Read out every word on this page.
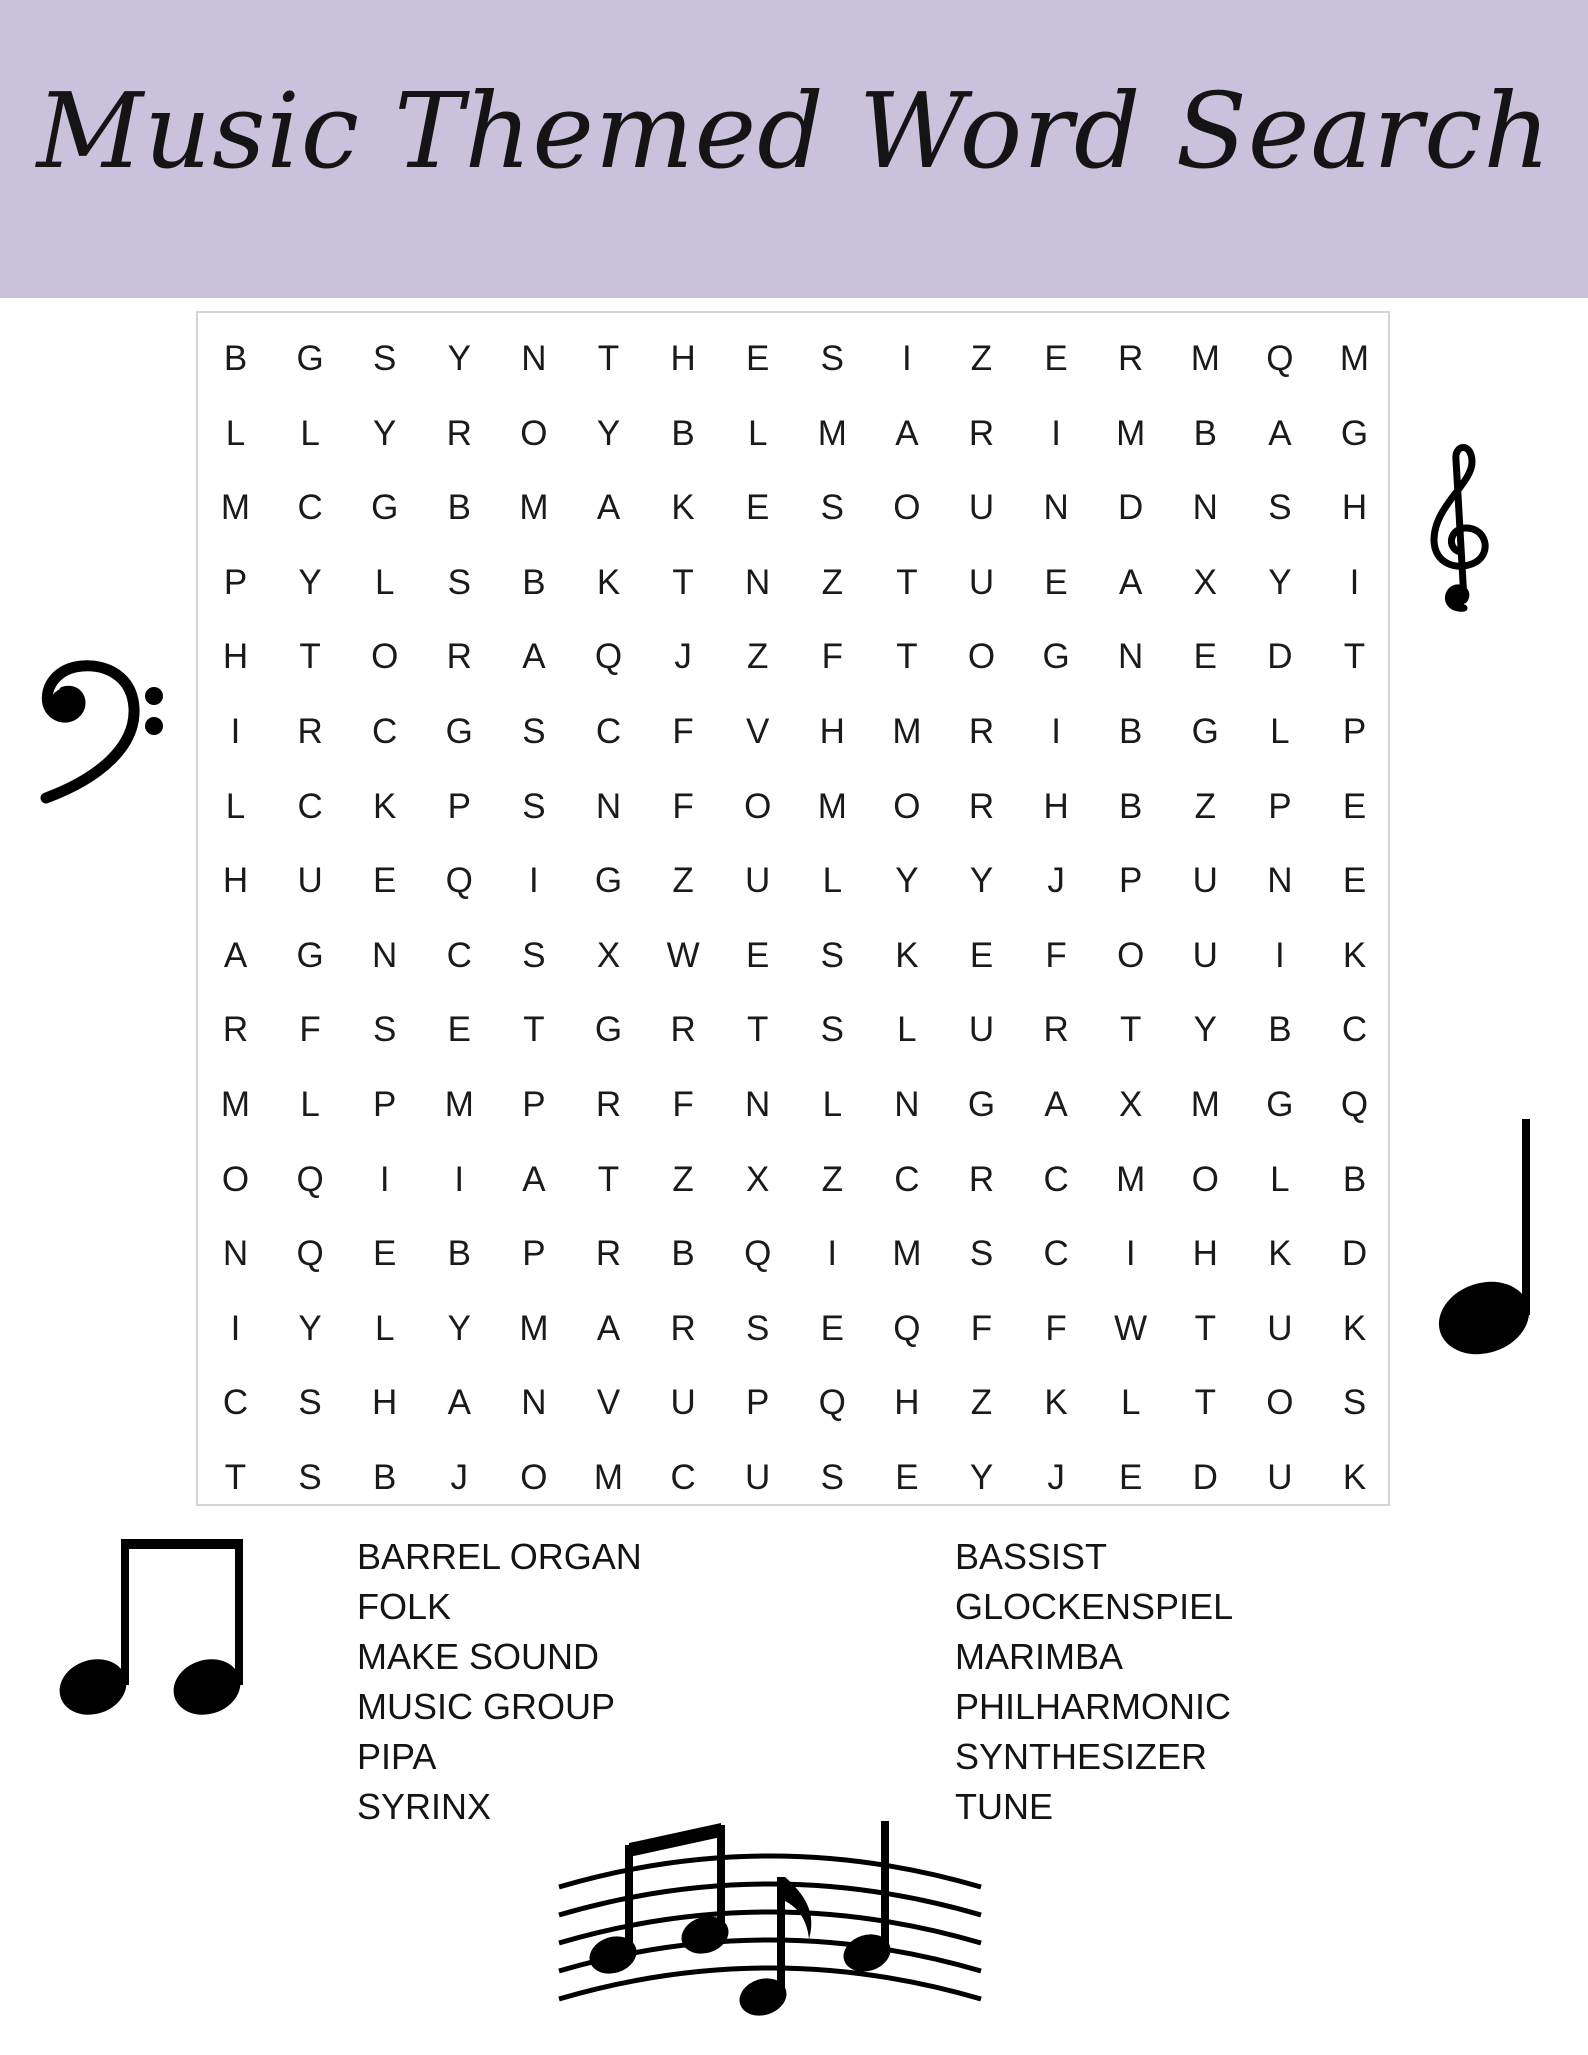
Music Themed Word Search
B	G	S	Y	N	T	H	E	S	I	Z	E	R	M	Q	M
L	L	Y	R	O	Y	B	L	M	A	R	I	M	B	A	G
M	C	G	B	M	A	K	E	S	O	U	N	D	N	S	H
P	Y	L	S	B	K	T	N	Z	T	U	E	A	X	Y	I
H	T	O	R	A	Q	J	Z	F	T	O	G	N	E	D	T
I	R	C	G	S	C	F	V	H	M	R	I	B	G	L	P
L	C	K	P	S	N	F	O	M	O	R	H	B	Z	P	E
H	U	E	Q	I	G	Z	U	L	Y	Y	J	P	U	N	E
A	G	N	C	S	X	W	E	S	K	E	F	O	U	I	K
R	F	S	E	T	G	R	T	S	L	U	R	T	Y	B	C
M	L	P	M	P	R	F	N	L	N	G	A	X	M	G	Q
O	Q	I	I	A	T	Z	X	Z	C	R	C	M	O	L	B
N	Q	E	B	P	R	B	Q	I	M	S	C	I	H	K	D
I	Y	L	Y	M	A	R	S	E	Q	F	F	W	T	U	K
C	S	H	A	N	V	U	P	Q	H	Z	K	L	T	O	S
T	S	B	J	O	M	C	U	S	E	Y	J	E	D	U	K
BARREL ORGAN
FOLK
MAKE SOUND
MUSIC GROUP
PIPA
SYRINX
BASSIST
GLOCKENSPIEL
MARIMBA
PHILHARMONIC
SYNTHESIZER
TUNE
